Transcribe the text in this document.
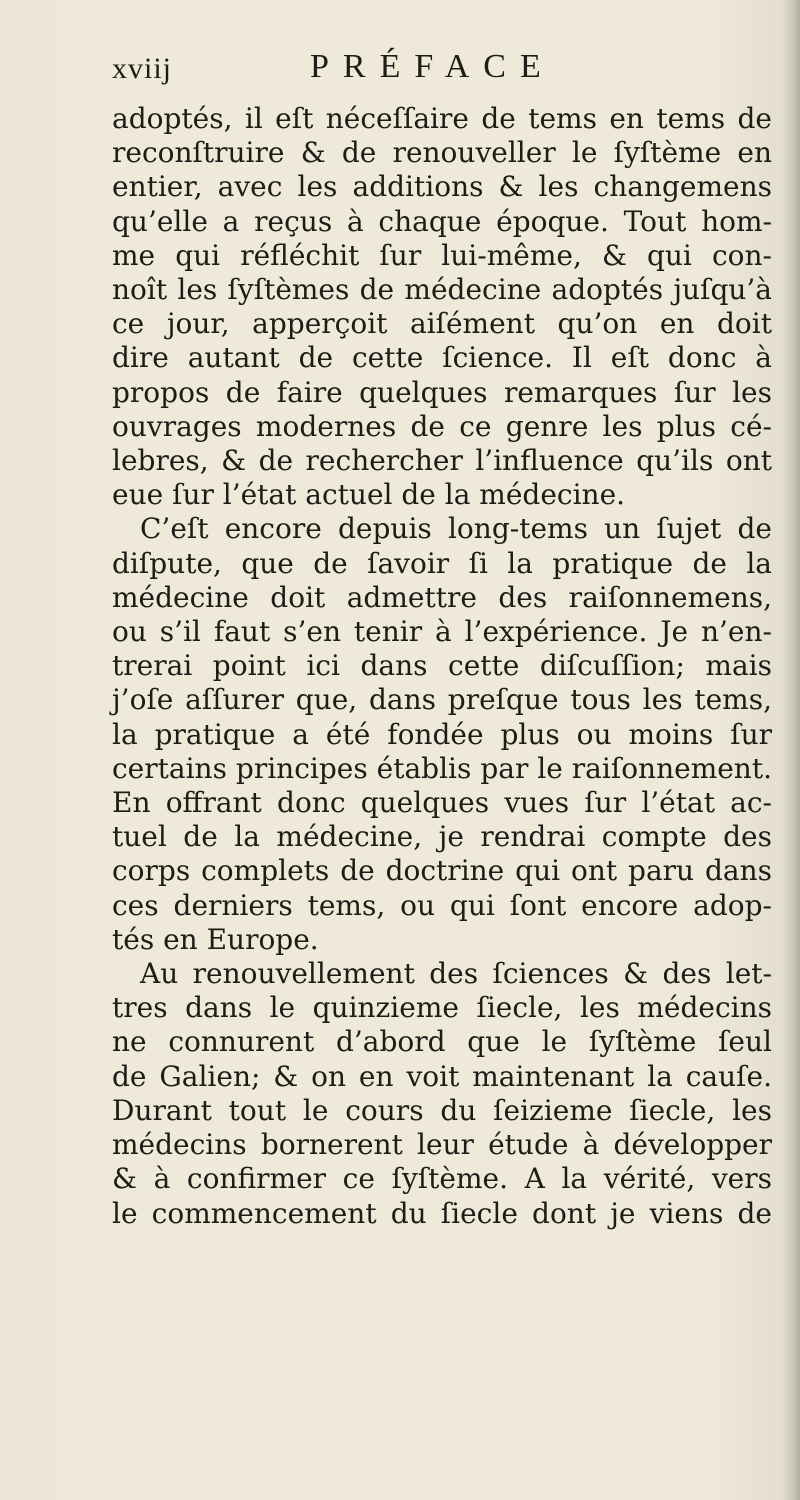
xviij	PRÉFACE
adoptés, il eſt néceſſaire de tems en tems de
reconſtruire & de renouveller le ſyſtème en
entier, avec les additions & les changemens
qu’elle a reçus à chaque époque. Tout hom-
me qui réfléchit ſur lui-même, & qui con-
noît les ſyſtèmes de médecine adoptés juſqu’à
ce jour, apperçoit aiſément qu’on en doit
dire autant de cette ſcience. Il eſt donc à
propos de faire quelques remarques ſur les
ouvrages modernes de ce genre les plus cé-
lebres, & de rechercher l’influence qu’ils ont
eue ſur l’état actuel de la médecine.
C’eſt encore depuis long-tems un ſujet de
diſpute, que de ſavoir ſi la pratique de la
médecine doit admettre des raiſonnemens,
ou s’il faut s’en tenir à l’expérience. Je n’en-
trerai point ici dans cette diſcuſſion; mais
j’oſe aſſurer que, dans preſque tous les tems,
la pratique a été fondée plus ou moins ſur
certains principes établis par le raiſonnement.
En offrant donc quelques vues ſur l’état ac-
tuel de la médecine, je rendrai compte des
corps complets de doctrine qui ont paru dans
ces derniers tems, ou qui ſont encore adop-
tés en Europe.
Au renouvellement des ſciences & des let-
tres dans le quinzieme ſiecle, les médecins
ne connurent d’abord que le ſyſtème ſeul
de Galien; & on en voit maintenant la cauſe.
Durant tout le cours du ſeizieme ſiecle, les
médecins bornerent leur étude à développer
& à confirmer ce ſyſtème. A la vérité, vers
le commencement du ſiecle dont je viens de
